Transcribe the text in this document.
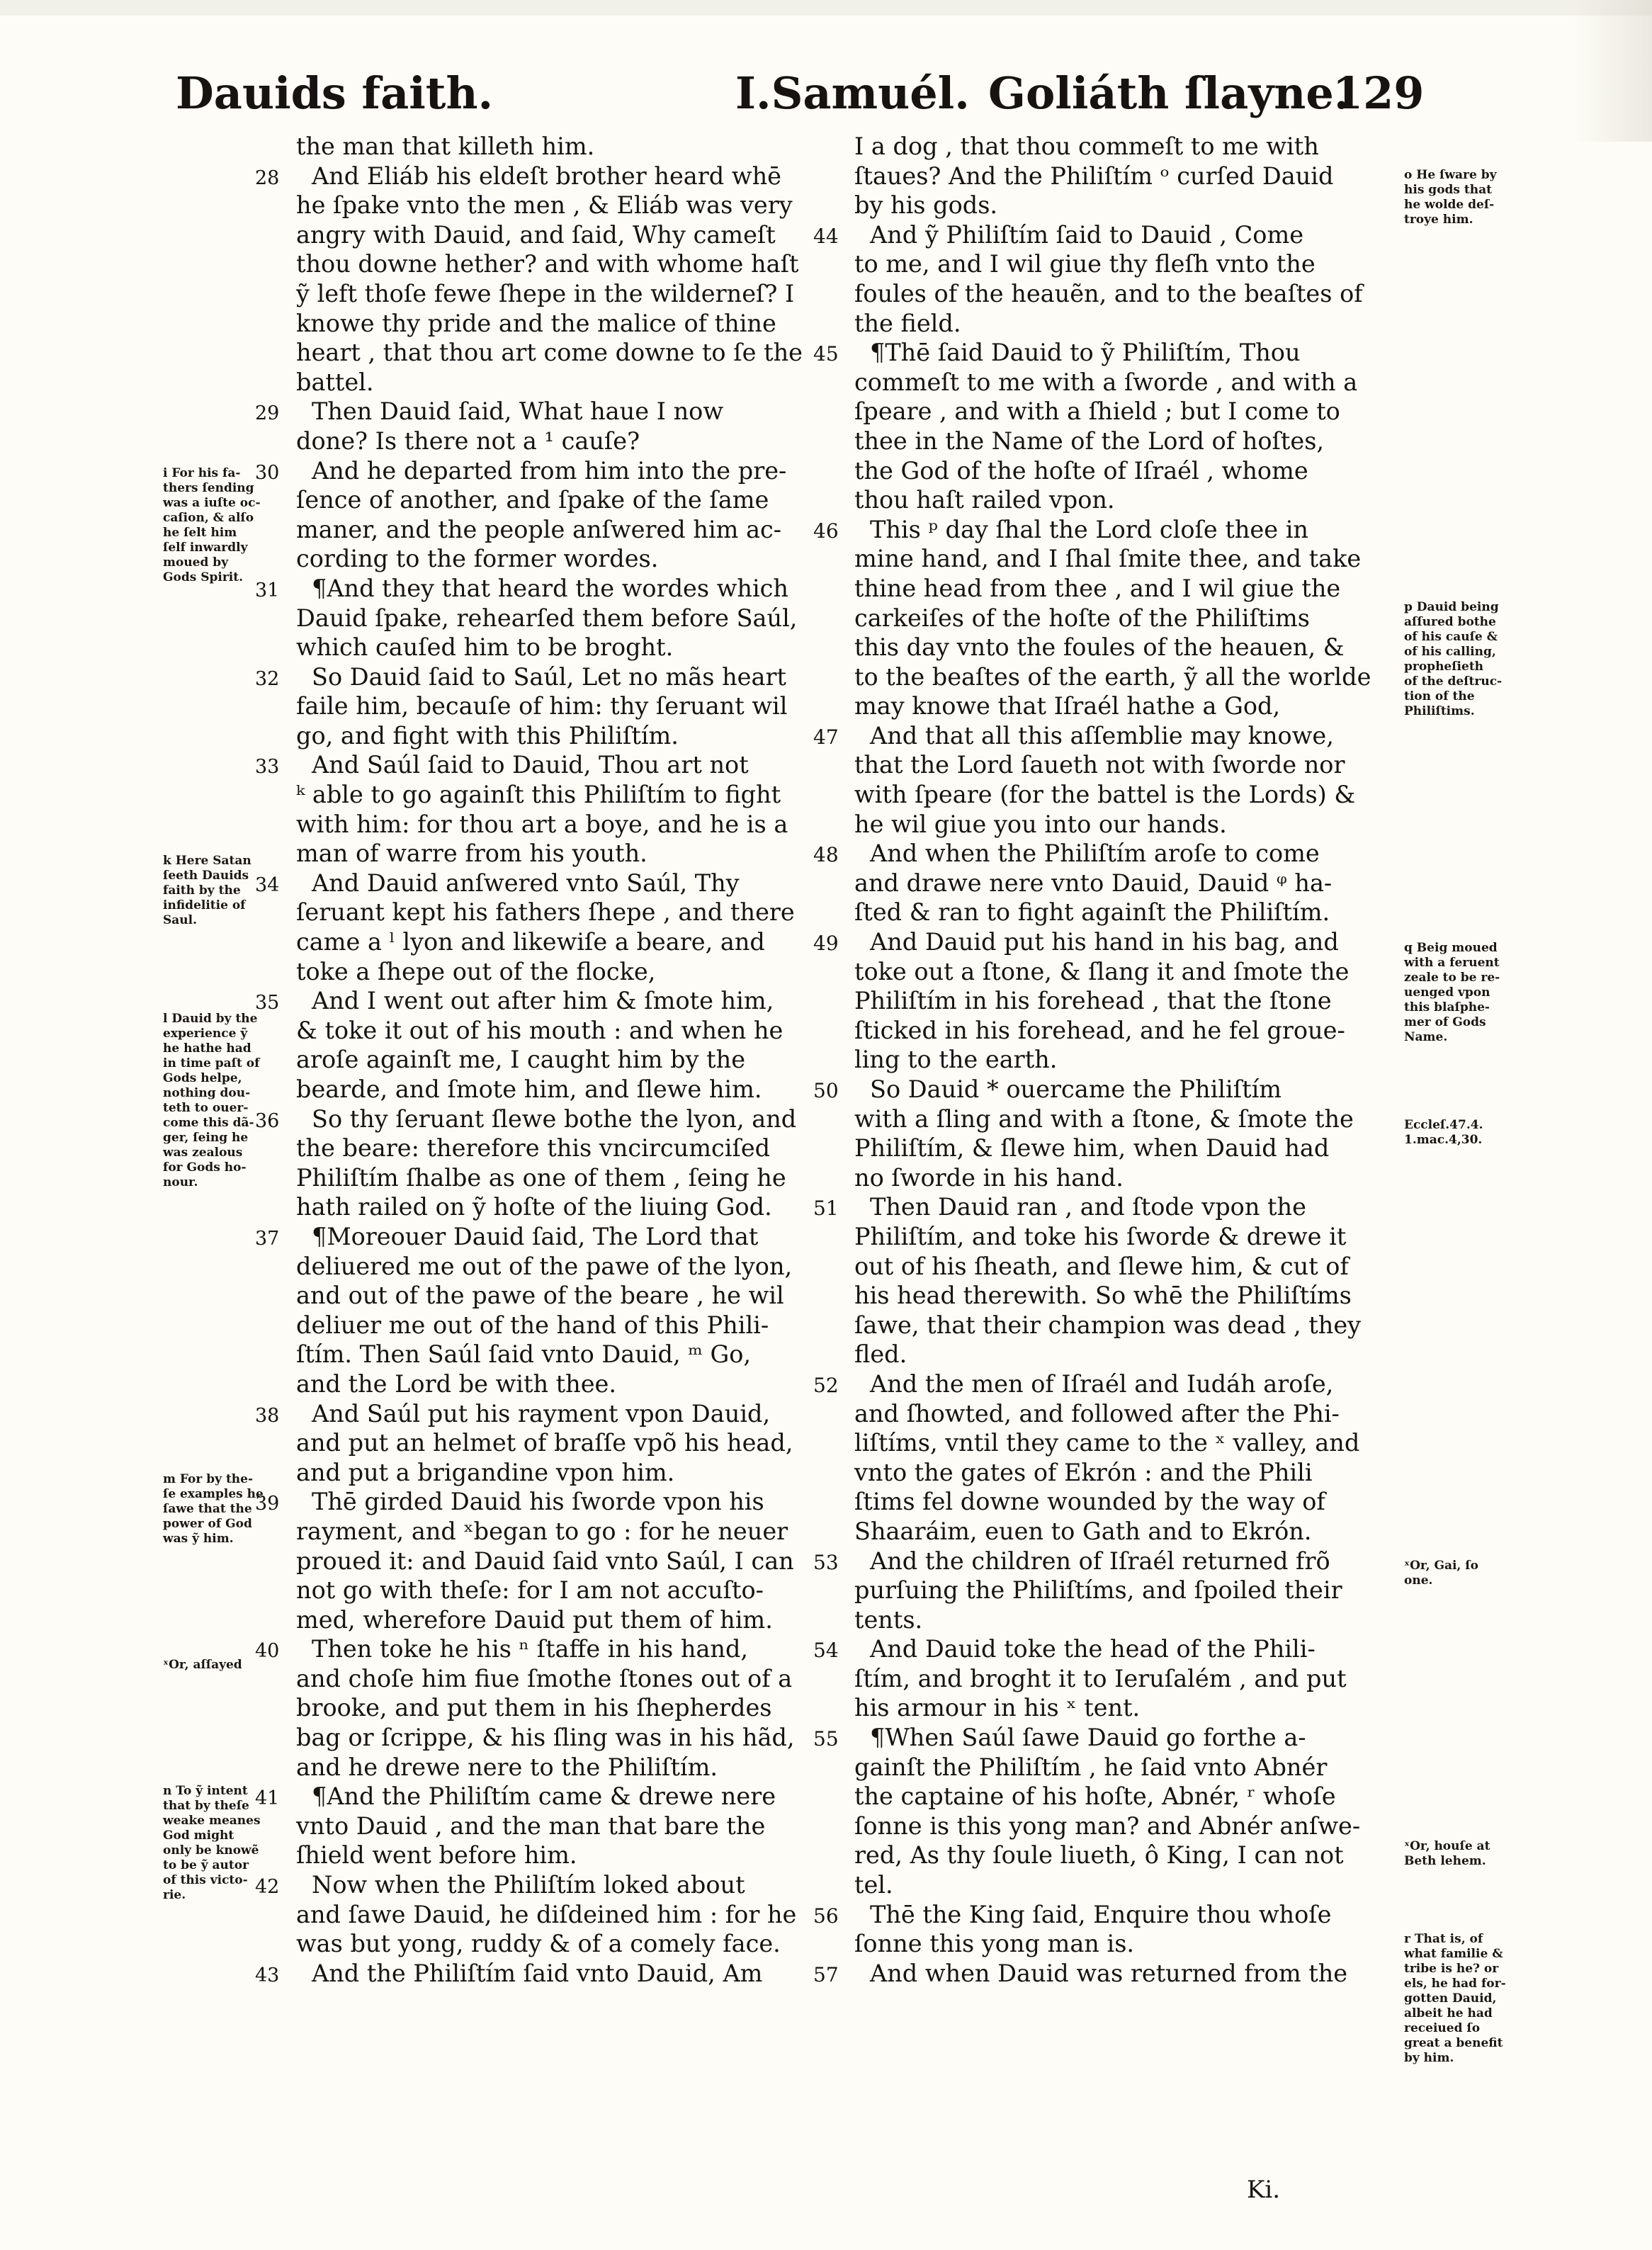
Dauids faith.	I.Samuél. Goliáth ſlayne.
129
the man that killeth him.
28 And Eliáb his eldeſt brother heard whē
he ſpake vnto the men , & Eliáb was very
angry with Dauid, and ſaid, Why cameſt
thou downe hether? and with whome haſt
ỹ left thoſe fewe ſhepe in the wilderneſ? I
knowe thy pride and the malice of thine
heart , that thou art come downe to ſe the
battel.
29 Then Dauid ſaid, What haue I now
done? Is there not a ¹ cauſe?
30 And he departed from him into the pre-
ſence of another, and ſpake of the ſame
maner, and the people anſwered him ac-
cording to the former wordes.
31 ¶And they that heard the wordes which
Dauid ſpake, rehearſed them before Saúl,
which cauſed him to be broght.
32 So Dauid ſaid to Saúl, Let no mãs heart
faile him, becauſe of him: thy ſeruant wil
go, and fight with this Philiſtím.
33 And Saúl ſaid to Dauid, Thou art not
ᵏ able to go againſt this Philiſtím to fight
with him: for thou art a boye, and he is a
man of warre from his youth.
34 And Dauid anſwered vnto Saúl, Thy
ſeruant kept his fathers ſhepe , and there
came a ˡ lyon and likewiſe a beare, and
toke a ſhepe out of the flocke,
35 And I went out after him & ſmote him,
& toke it out of his mouth : and when he
aroſe againſt me, I caught him by the
bearde, and ſmote him, and ſlewe him.
36 So thy ſeruant ſlewe bothe the lyon, and
the beare: therefore this vncircumciſed
Philiſtím ſhalbe as one of them , ſeing he
hath railed on ỹ hoſte of the liuing God.
37 ¶Moreouer Dauid ſaid, The Lord that
deliuered me out of the pawe of the lyon,
and out of the pawe of the beare , he wil
deliuer me out of the hand of this Phili-
ſtím. Then Saúl ſaid vnto Dauid, ᵐ Go,
and the Lord be with thee.
38 And Saúl put his rayment vpon Dauid,
and put an helmet of braſſe vpõ his head,
and put a brigandine vpon him.
39 Thē girded Dauid his ſworde vpon his
rayment, and ˣbegan to go : for he neuer
proued it: and Dauid ſaid vnto Saúl, I can
not go with theſe: for I am not accuſto-
med, wherefore Dauid put them of him.
40 Then toke he his ⁿ ſtaffe in his hand,
and choſe him fiue ſmothe ſtones out of a
brooke, and put them in his ſhepherdes
bag or ſcrippe, & his ſling was in his hãd,
and he drewe nere to the Philiſtím.
41 ¶And the Philiſtím came & drewe nere
vnto Dauid , and the man that bare the
ſhield went before him.
42 Now when the Philiſtím loked about
and ſawe Dauid, he diſdeined him : for he
was but yong, ruddy & of a comely face.
43 And the Philiſtím ſaid vnto Dauid, Am
I a dog , that thou commeſt to me with
ſtaues? And the Philiſtím ᵒ curſed Dauid
by his gods.
44 And ỹ Philiſtím ſaid to Dauid , Come
to me, and I wil giue thy fleſh vnto the
foules of the heauẽn, and to the beaſtes of
the field.
45 ¶Thē ſaid Dauid to ỹ Philiſtím, Thou
commeſt to me with a ſworde , and with a
ſpeare , and with a ſhield ; but I come to
thee in the Name of the Lord of hoſtes,
the God of the hoſte of Iſraél , whome
thou haſt railed vpon.
46 This ᵖ day ſhal the Lord cloſe thee in
mine hand, and I ſhal ſmite thee, and take
thine head from thee , and I wil giue the
carkeiſes of the hoſte of the Philiſtims
this day vnto the foules of the heauen, &
to the beaſtes of the earth, ỹ all the worlde
may knowe that Iſraél hathe a God,
47 And that all this aſſemblie may knowe,
that the Lord ſaueth not with ſworde nor
with ſpeare (for the battel is the Lords) &
he wil giue you into our hands.
48 And when the Philiſtím aroſe to come
and drawe nere vnto Dauid, Dauid ᵠ ha-
ſted & ran to fight againſt the Philiſtím.
49 And Dauid put his hand in his bag, and
toke out a ſtone, & ſlang it and ſmote the
Philiſtím in his forehead , that the ſtone
ſticked in his forehead, and he fel groue-
ling to the earth.
50 So Dauid * ouercame the Philiſtím
with a ſling and with a ſtone, & ſmote the
Philiſtím, & ſlewe him, when Dauid had
no ſworde in his hand.
51 Then Dauid ran , and ſtode vpon the
Philiſtím, and toke his ſworde & drewe it
out of his ſheath, and ſlewe him, & cut of
his head therewith. So whē the Philiſtíms
ſawe, that their champion was dead , they
fled.
52 And the men of Iſraél and Iudáh aroſe,
and ſhowted, and followed after the Phi-
liſtíms, vntil they came to the ˣ valley, and
vnto the gates of Ekrón : and the Phili
ſtims fel downe wounded by the way of
Shaaráim, euen to Gath and to Ekrón.
53 And the children of Iſraél returned frõ
purſuing the Philiſtíms, and ſpoiled their
tents.
54 And Dauid toke the head of the Phili-
ſtím, and broght it to Ieruſalém , and put
his armour in his ˣ tent.
55 ¶When Saúl ſawe Dauid go forthe a-
gainſt the Philiſtím , he ſaid vnto Abnér
the captaine of his hoſte, Abnér, ʳ whoſe
ſonne is this yong man? and Abnér anſwe-
red, As thy ſoule liueth, ô King, I can not
tel.
56 Thē the King ſaid, Enquire thou whoſe
ſonne this yong man is.
57 And when Dauid was returned from the
i For his fa-
thers ſending
was a iuſte oc-
caſion, & alſo
he ſelt him
ſelf inwardly
moued by
Gods Spirit.
k Here Satan
ſeeth Dauids
faith by the
infidelitie of
Saul.
l Dauid by the
experience ỹ
he hathe had
in time paſt of
Gods helpe,
nothing dou-
teth to ouer-
come this dã-
ger, ſeing he
was zealous
for Gods ho-
nour.
m For by the-
ſe examples he
ſawe that the
power of God
was ỹ him.
ˣOr, aſſayed
n To ỹ intent
that by theſe
weake meanes
God might
only be knowẽ
to be ỹ autor
of this victo-
rie.
o He ſware by
his gods that
he wolde deſ-
troye him.
p Dauid being
aſſured bothe
of his cauſe &
of his calling,
propheſieth
of the deſtruc-
tion of the
Philiſtims.
q Beig moued
with a feruent
zeale to be re-
uenged vpon
this blaſphe-
mer of Gods
Name.
Eccleſ.47.4.
1.mac.4,30.
ˣOr, Gai, ſo
one.
ˣOr, houſe at
Beth lehem.
r That is, of
what familie &
tribe is he? or
els, he had for-
gotten Dauid,
albeit he had
receiued ſo
great a benefit
by him.
Ki.
